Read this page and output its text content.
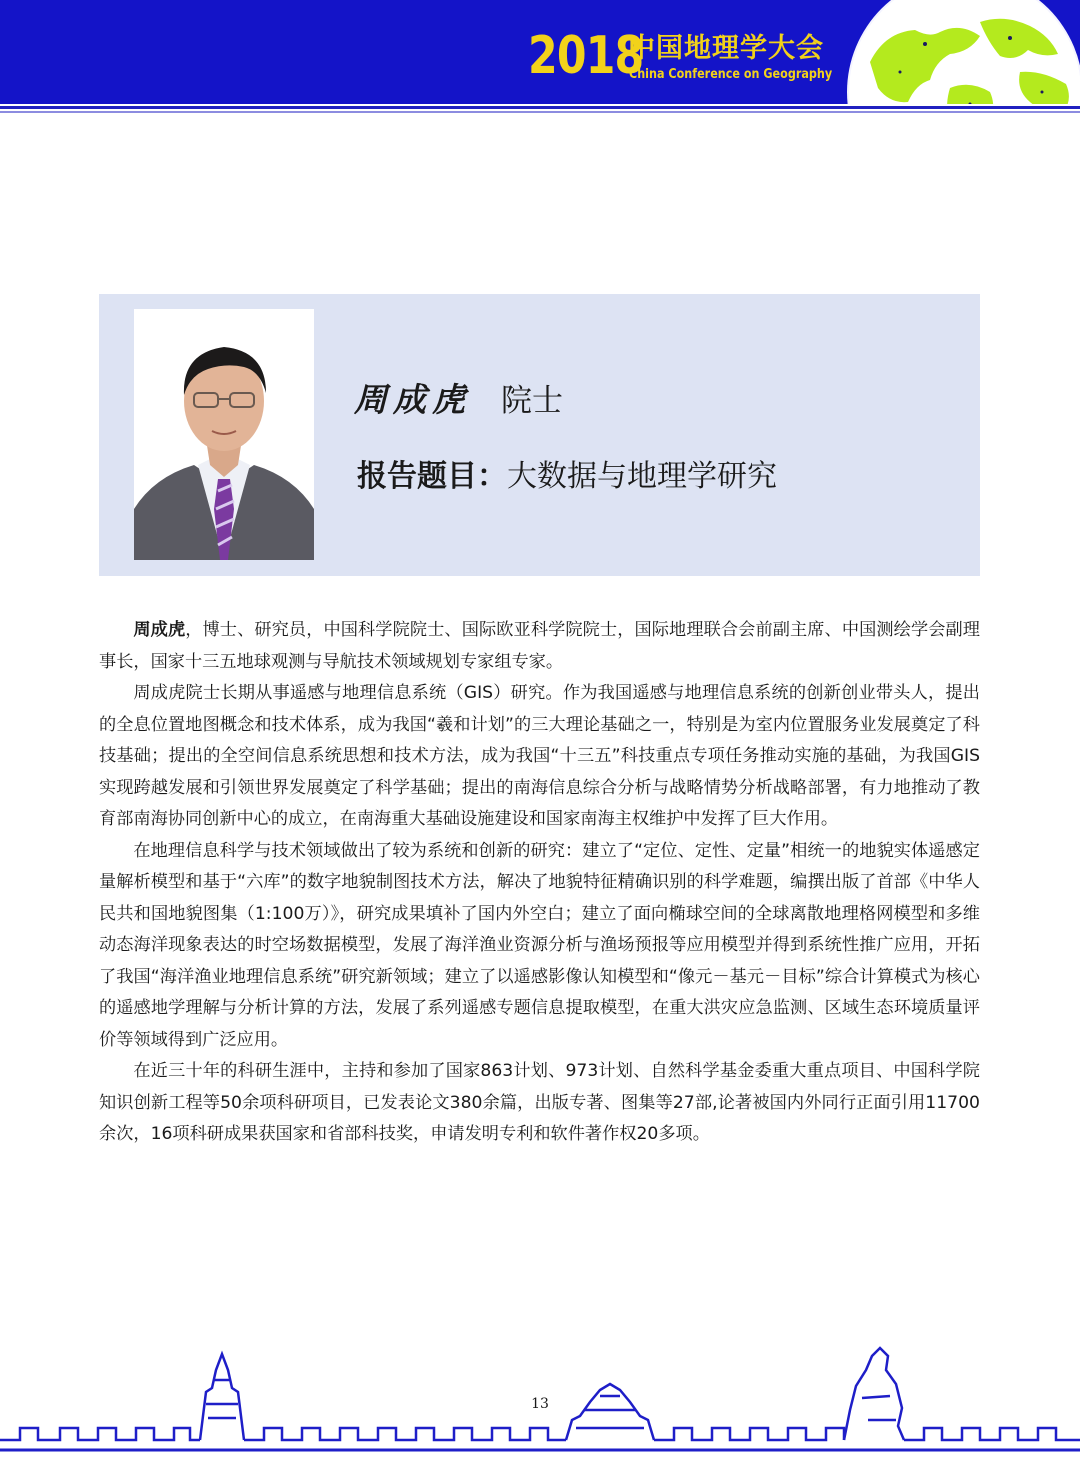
2018
中国地理学大会
China Conference on Geography
周成虎 院士
报告题目：大数据与地理学研究

周成虎，博士、研究员，中国科学院院士、国际欧亚科学院院士，国际地理联合会前副主席、中国测绘学会副理事长，国家十三五地球观测与导航技术领域规划专家组专家。

周成虎院士长期从事遥感与地理信息系统（GIS）研究。作为我国遥感与地理信息系统的创新创业带头人，提出的全息位置地图概念和技术体系，成为我国“羲和计划”的三大理论基础之一，特别是为室内位置服务业发展奠定了科技基础；提出的全空间信息系统思想和技术方法，成为我国“十三五”科技重点专项任务推动实施的基础，为我国GIS实现跨越发展和引领世界发展奠定了科学基础；提出的南海信息综合分析与战略情势分析战略部署，有力地推动了教育部南海协同创新中心的成立，在南海重大基础设施建设和国家南海主权维护中发挥了巨大作用。

在地理信息科学与技术领域做出了较为系统和创新的研究：建立了“定位、定性、定量”相统一的地貌实体遥感定量解析模型和基于“六库”的数字地貌制图技术方法，解决了地貌特征精确识别的科学难题，编撰出版了首部《中华人民共和国地貌图集（1:100万）》，研究成果填补了国内外空白；建立了面向椭球空间的全球离散地理格网模型和多维动态海洋现象表达的时空场数据模型，发展了海洋渔业资源分析与渔场预报等应用模型并得到系统性推广应用，开拓了我国“海洋渔业地理信息系统”研究新领域；建立了以遥感影像认知模型和“像元－基元－目标”综合计算模式为核心的遥感地学理解与分析计算的方法，发展了系列遥感专题信息提取模型，在重大洪灾应急监测、区域生态环境质量评价等领域得到广泛应用。

在近三十年的科研生涯中，主持和参加了国家863计划、973计划、自然科学基金委重大重点项目、中国科学院知识创新工程等50余项科研项目，已发表论文380余篇，出版专著、图集等27部,论著被国内外同行正面引用11700余次，16项科研成果获国家和省部科技奖，申请发明专利和软件著作权20多项。

13
